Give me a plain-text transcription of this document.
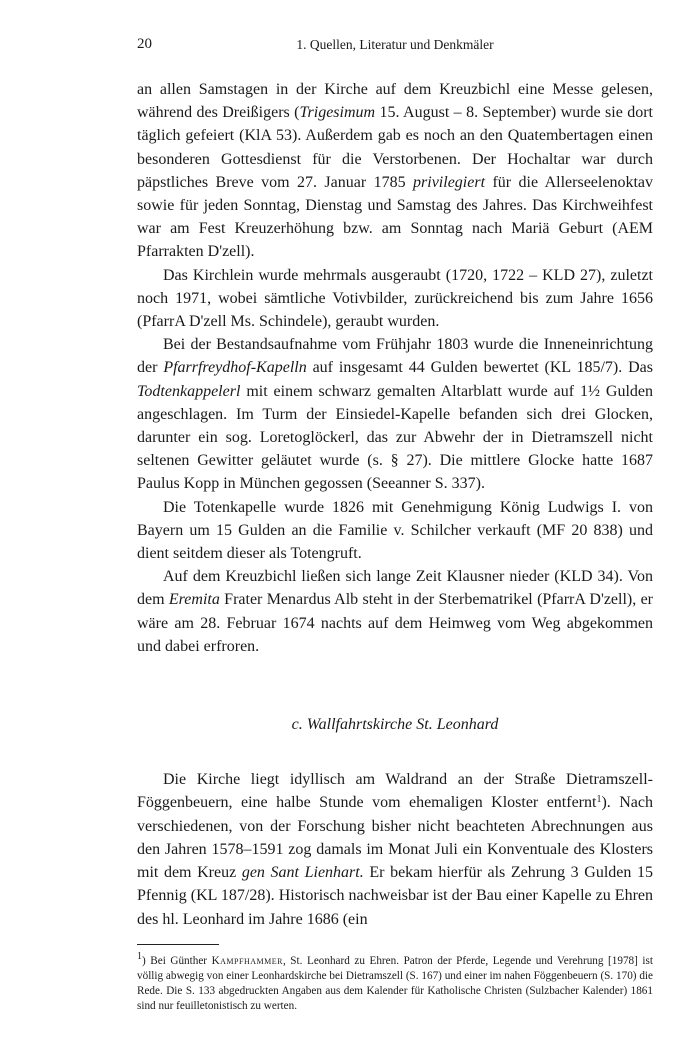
20	1. Quellen, Literatur und Denkmäler

an allen Samstagen in der Kirche auf dem Kreuzbichl eine Messe gelesen, während des Dreißigers (Trigesimum 15. August – 8. September) wurde sie dort täglich gefeiert (KlA 53). Außerdem gab es noch an den Quatembertagen einen besonderen Gottesdienst für die Verstorbenen. Der Hochaltar war durch päpstliches Breve vom 27. Januar 1785 privilegiert für die Allerseelenoktav sowie für jeden Sonntag, Dienstag und Samstag des Jahres. Das Kirchweihfest war am Fest Kreuzerhöhung bzw. am Sonntag nach Mariä Geburt (AEM Pfarrakten D'zell).

Das Kirchlein wurde mehrmals ausgeraubt (1720, 1722 – KLD 27), zuletzt noch 1971, wobei sämtliche Votivbilder, zurückreichend bis zum Jahre 1656 (PfarrA D'zell Ms. Schindele), geraubt wurden.

Bei der Bestandsaufnahme vom Frühjahr 1803 wurde die Inneneinrichtung der Pfarrfreydhof-Kapelln auf insgesamt 44 Gulden bewertet (KL 185/7). Das Todtenkappelerl mit einem schwarz gemalten Altarblatt wurde auf 1½ Gulden angeschlagen. Im Turm der Einsiedel-Kapelle befanden sich drei Glocken, darunter ein sog. Loretoglöckerl, das zur Abwehr der in Dietramszell nicht seltenen Gewitter geläutet wurde (s. § 27). Die mittlere Glocke hatte 1687 Paulus Kopp in München gegossen (Seeanner S. 337).

Die Totenkapelle wurde 1826 mit Genehmigung König Ludwigs I. von Bayern um 15 Gulden an die Familie v. Schilcher verkauft (MF 20 838) und dient seitdem dieser als Totengruft.

Auf dem Kreuzbichl ließen sich lange Zeit Klausner nieder (KLD 34). Von dem Eremita Frater Menardus Alb steht in der Sterbematrikel (PfarrA D'zell), er wäre am 28. Februar 1674 nachts auf dem Heimweg vom Weg abgekommen und dabei erfroren.

c. Wallfahrtskirche St. Leonhard

Die Kirche liegt idyllisch am Waldrand an der Straße Dietramszell-Föggenbeuern, eine halbe Stunde vom ehemaligen Kloster entfernt$^1$). Nach verschiedenen, von der Forschung bisher nicht beachteten Abrechnungen aus den Jahren 1578–1591 zog damals im Monat Juli ein Konventuale des Klosters mit dem Kreuz gen Sant Lienhart. Er bekam hierfür als Zehrung 3 Gulden 15 Pfennig (KL 187/28). Historisch nachweisbar ist der Bau einer Kapelle zu Ehren des hl. Leonhard im Jahre 1686 (ein

$^1$) Bei Günther Kampfhammer, St. Leonhard zu Ehren. Patron der Pferde, Legende und Verehrung [1978] ist völlig abwegig von einer Leonhardskirche bei Dietramszell (S. 167) und einer im nahen Föggenbeuern (S. 170) die Rede. Die S. 133 abgedruckten Angaben aus dem Kalender für Katholische Christen (Sulzbacher Kalender) 1861 sind nur feuilletonistisch zu werten.
